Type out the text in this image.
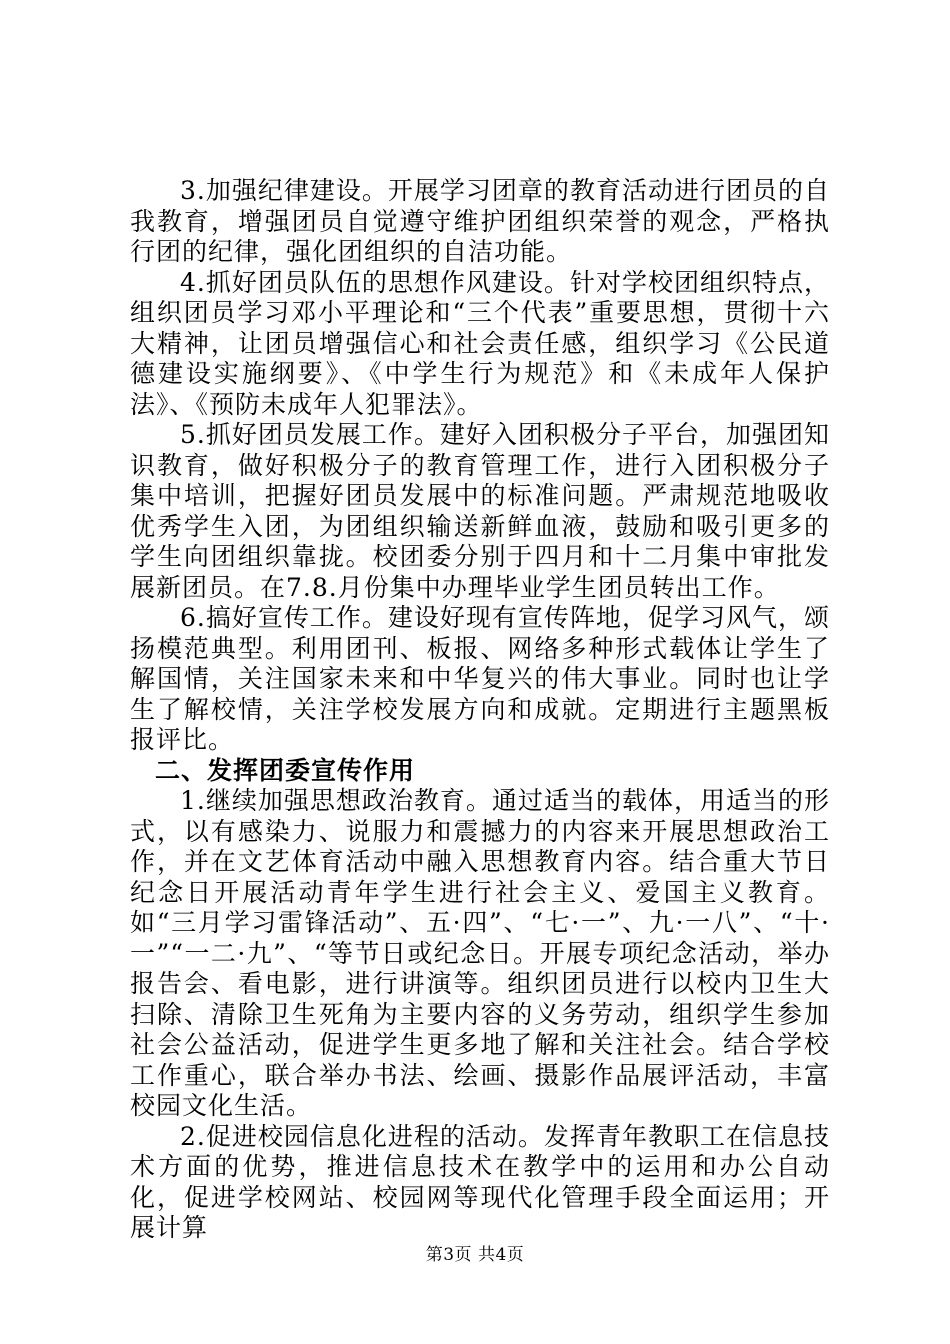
3.加强纪律建设。开展学习团章的教育活动进行团员的自我教育，增强团员自觉遵守维护团组织荣誉的观念，严格执行团的纪律，强化团组织的自洁功能。

4.抓好团员队伍的思想作风建设。针对学校团组织特点，组织团员学习邓小平理论和“三个代表”重要思想，贯彻十六大精神，让团员增强信心和社会责任感，组织学习《公民道德建设实施纲要》、《中学生行为规范》和《未成年人保护法》、《预防未成年人犯罪法》。

5.抓好团员发展工作。建好入团积极分子平台，加强团知识教育，做好积极分子的教育管理工作，进行入团积极分子集中培训，把握好团员发展中的标准问题。严肃规范地吸收优秀学生入团，为团组织输送新鲜血液，鼓励和吸引更多的学生向团组织靠拢。校团委分别于四月和十二月集中审批发展新团员。在7.8.月份集中办理毕业学生团员转出工作。

6.搞好宣传工作。建设好现有宣传阵地，促学习风气，颂扬模范典型。利用团刊、板报、网络多种形式载体让学生了解国情，关注国家未来和中华复兴的伟大事业。同时也让学生了解校情，关注学校发展方向和成就。定期进行主题黑板报评比。

二、发挥团委宣传作用

1.继续加强思想政治教育。通过适当的载体，用适当的形式，以有感染力、说服力和震撼力的内容来开展思想政治工作，并在文艺体育活动中融入思想教育内容。结合重大节日纪念日开展活动青年学生进行社会主义、爱国主义教育。如“三月学习雷锋活动”、五·四”、“七·一”、九·一八”、“十·一”“一二·九”、“等节日或纪念日。开展专项纪念活动，举办报告会、看电影，进行讲演等。组织团员进行以校内卫生大扫除、清除卫生死角为主要内容的义务劳动，组织学生参加社会公益活动，促进学生更多地了解和关注社会。结合学校工作重心，联合举办书法、绘画、摄影作品展评活动，丰富校园文化生活。

2.促进校园信息化进程的活动。发挥青年教职工在信息技术方面的优势，推进信息技术在教学中的运用和办公自动化，促进学校网站、校园网等现代化管理手段全面运用；开展计算

第3页 共4页
